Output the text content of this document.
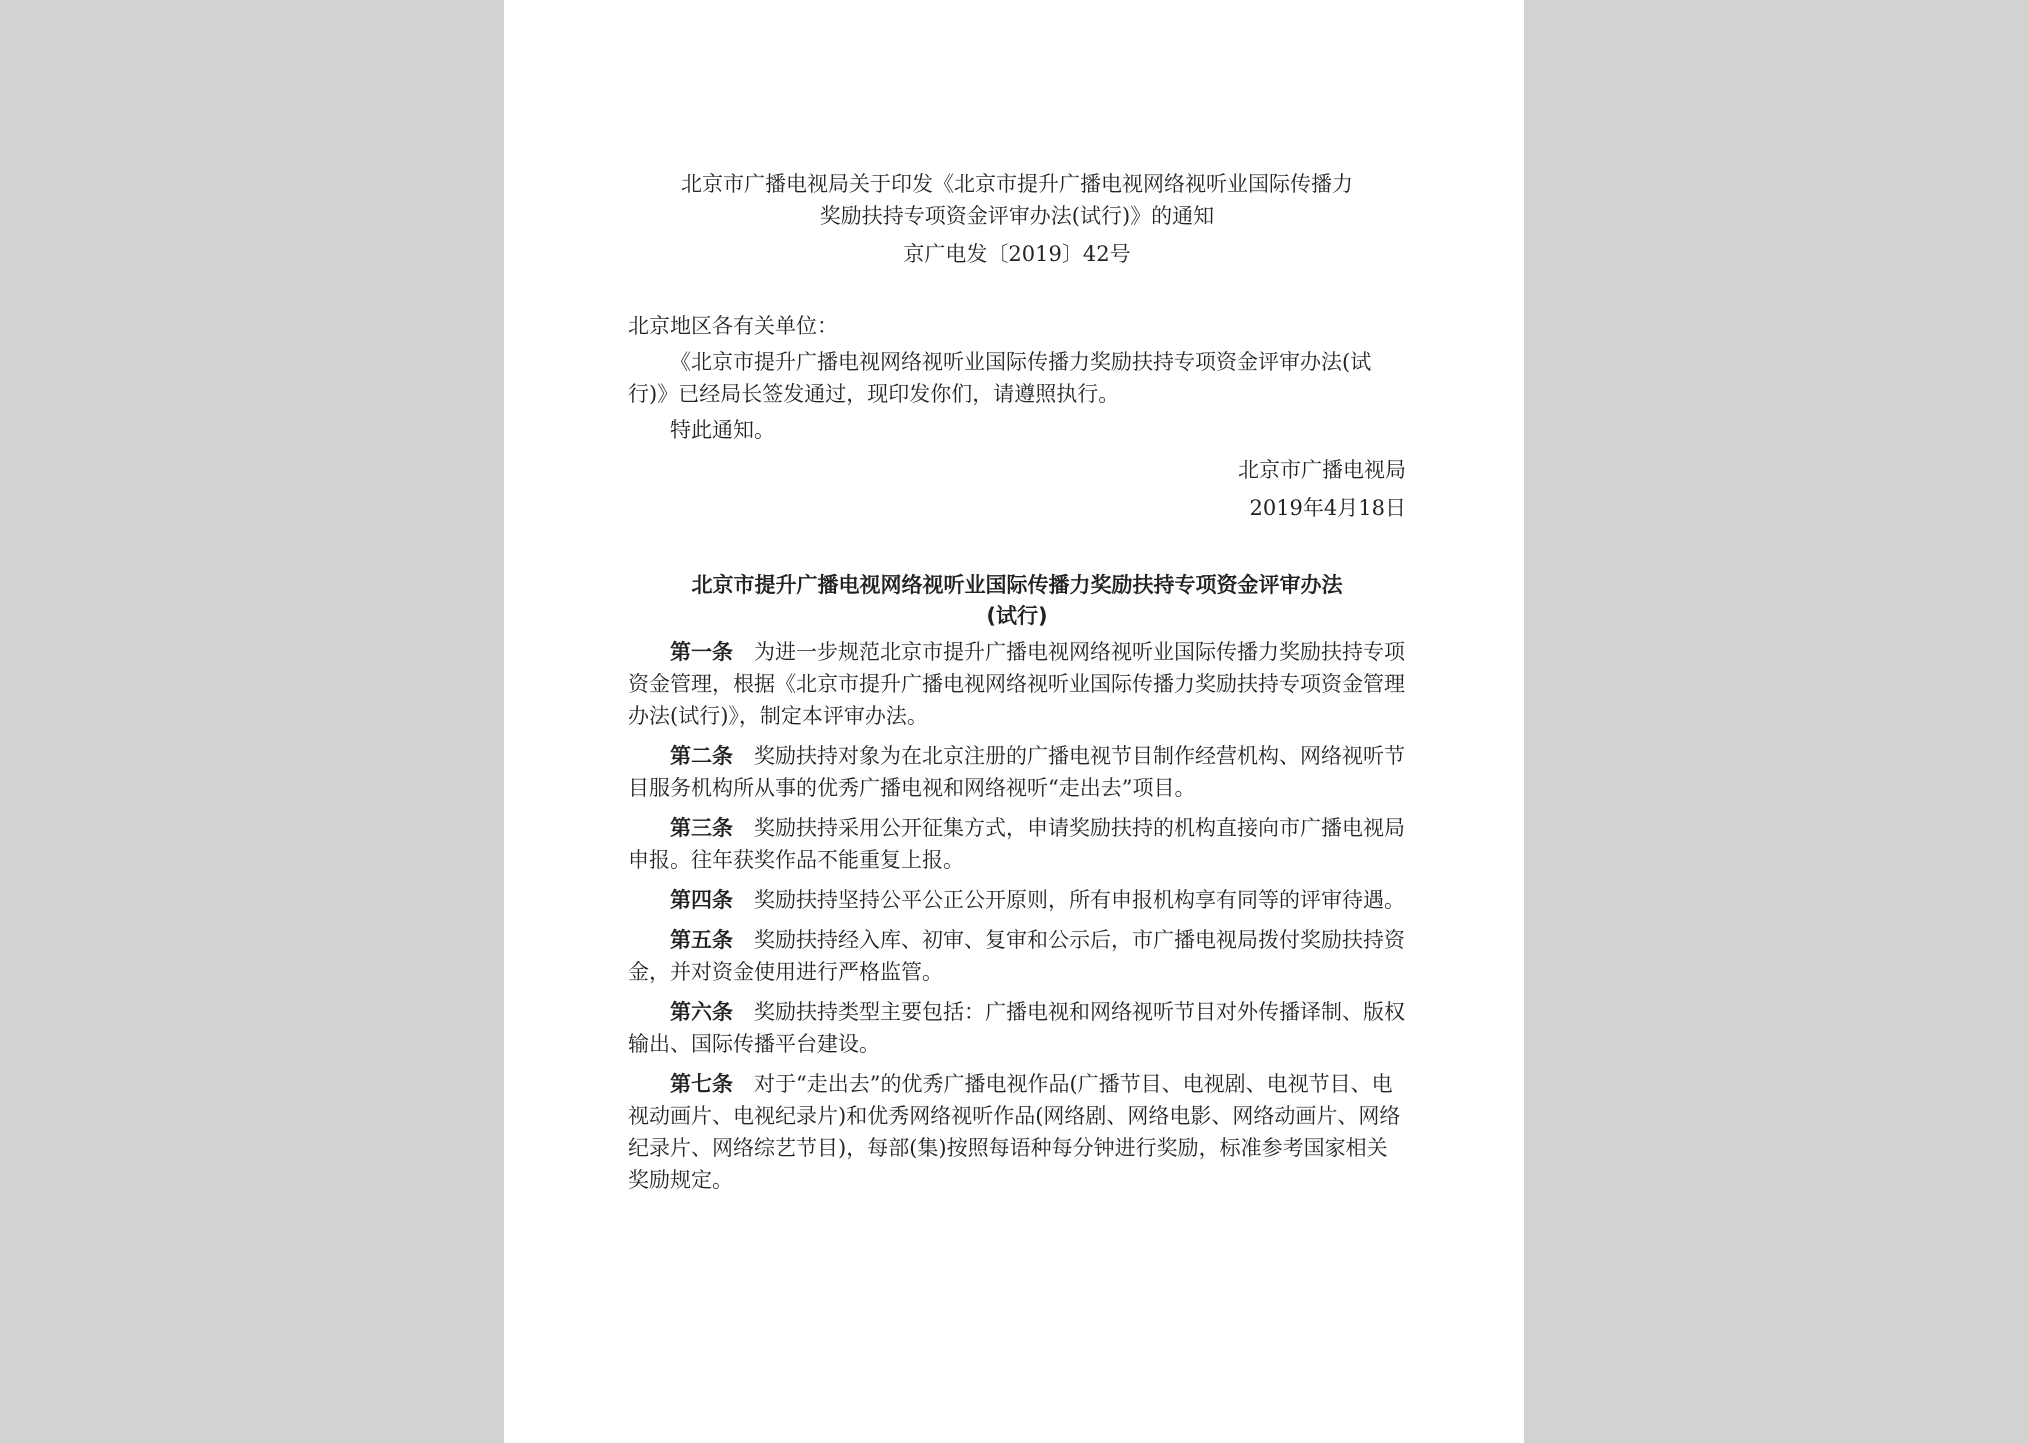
北京市广播电视局关于印发《北京市提升广播电视网络视听业国际传播力
奖励扶持专项资金评审办法(试行)》的通知
京广电发〔2019〕42号
北京地区各有关单位：
《北京市提升广播电视网络视听业国际传播力奖励扶持专项资金评审办法(试行)》已经局长签发通过，现印发你们，请遵照执行。
特此通知。
北京市广播电视局
2019年4月18日
北京市提升广播电视网络视听业国际传播力奖励扶持专项资金评审办法
(试行)
第一条 为进一步规范北京市提升广播电视网络视听业国际传播力奖励扶持专项资金管理，根据《北京市提升广播电视网络视听业国际传播力奖励扶持专项资金管理办法(试行)》，制定本评审办法。
第二条 奖励扶持对象为在北京注册的广播电视节目制作经营机构、网络视听节目服务机构所从事的优秀广播电视和网络视听“走出去”项目。
第三条 奖励扶持采用公开征集方式，申请奖励扶持的机构直接向市广播电视局申报。往年获奖作品不能重复上报。
第四条 奖励扶持坚持公平公正公开原则，所有申报机构享有同等的评审待遇。
第五条 奖励扶持经入库、初审、复审和公示后，市广播电视局拨付奖励扶持资金，并对资金使用进行严格监管。
第六条 奖励扶持类型主要包括：广播电视和网络视听节目对外传播译制、版权输出、国际传播平台建设。
第七条 对于“走出去”的优秀广播电视作品(广播节目、电视剧、电视节目、电视动画片、电视纪录片)和优秀网络视听作品(网络剧、网络电影、网络动画片、网络纪录片、网络综艺节目)，每部(集)按照每语种每分钟进行奖励，标准参考国家相关奖励规定。
